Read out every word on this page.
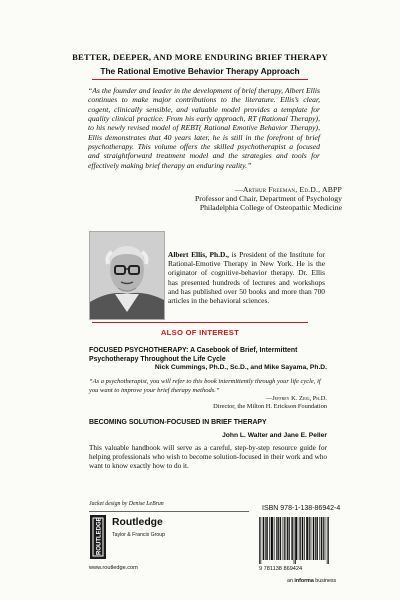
BETTER, DEEPER, AND MORE ENDURING BRIEF THERAPY
The Rational Emotive Behavior Therapy Approach
“As the founder and leader in the development of brief therapy, Albert Ellis continues to make major contributions to the literature. Ellis’s clear, cogent, clinically sensible, and valuable model provides a template for quality clinical practice. From his early approach, RT (Rational Therapy), to his newly revised model of REBT( Rational Emotive Behavior Therapy), Ellis demonstrates that 40 years later, he is still in the forefront of brief psychotherapy. This volume offers the skilled psychotherapist a focused and straightforward treatment model and the strategies and tools for effectively making brief therapy an enduring reality.”
—Arthur Freeman, Ed.D., ABPP
Professor and Chair, Department of Psychology
Philadelphia College of Osteopathic Medicine
Albert Ellis, Ph.D., is President of the Institute for Rational-Emotive Therapy in New York. He is the originator of cognitive-behavior therapy. Dr. Ellis has presented hundreds of lectures and workshops and has published over 50 books and more than 700 articles in the behavioral sciences.
ALSO OF INTEREST
FOCUSED PSYCHOTHERAPY: A Casebook of Brief, Intermittent Psychotherapy Throughout the Life Cycle
Nick Cummings, Ph.D., Sc.D., and Mike Sayama, Ph.D.
“As a psychotherapist, you will refer to this book intermittently through your life cycle, if you want to improve your brief therapy methods.”
—Jeffrey K. Zeig, Ph.D.
Director, the Milton H. Erickson Foundation
BECOMING SOLUTION-FOCUSED IN BRIEF THERAPY
John L. Walter and Jane E. Peller
This valuable handbook will serve as a careful, step-by-step resource guide for helping professionals who wish to become solution-focused in their work and who want to know exactly how to do it.
Jacket design by Denise LeBrun
ROUTLEDGE Routledge
Taylor & Francis Group
www.routledge.com
ISBN 978-1-138-86942-4
9 781138 869424
an informa business
